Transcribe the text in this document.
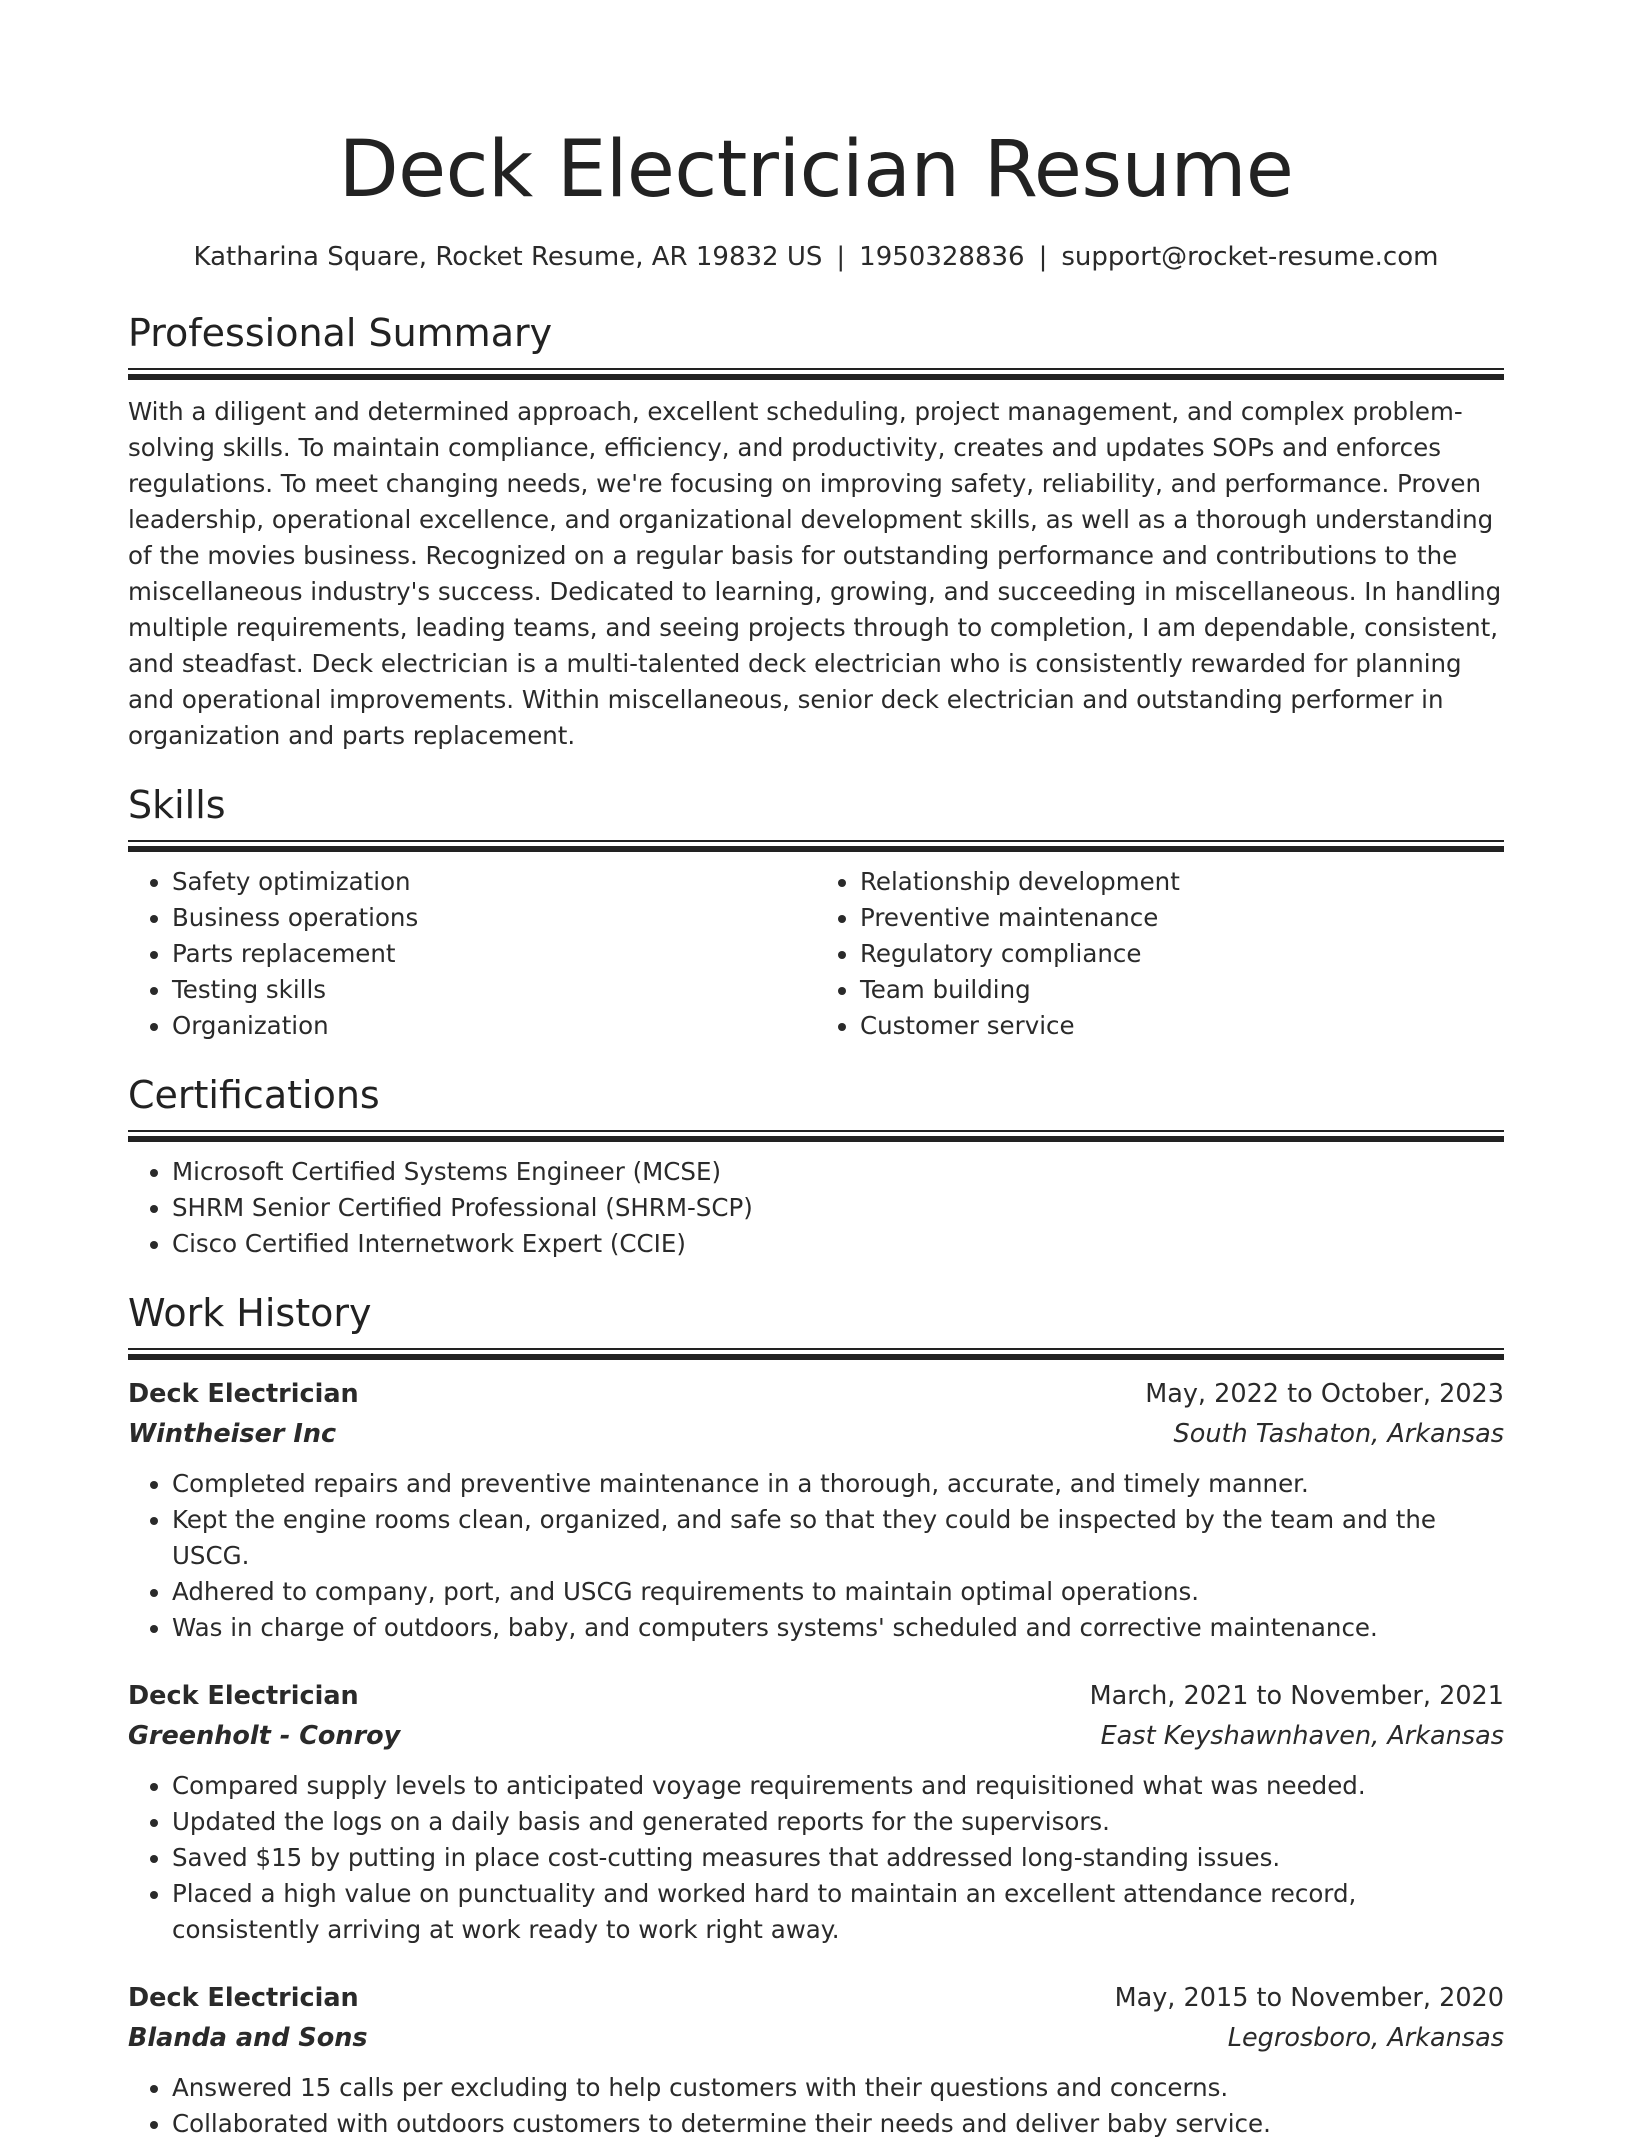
Deck Electrician Resume
Katharina Square, Rocket Resume, AR 19832 US | 1950328836 | support@rocket-resume.com
Professional Summary
With a diligent and determined approach, excellent scheduling, project management, and complex problem-solving skills. To maintain compliance, efficiency, and productivity, creates and updates SOPs and enforces regulations. To meet changing needs, we're focusing on improving safety, reliability, and performance. Proven leadership, operational excellence, and organizational development skills, as well as a thorough understanding of the movies business. Recognized on a regular basis for outstanding performance and contributions to the miscellaneous industry's success. Dedicated to learning, growing, and succeeding in miscellaneous. In handling multiple requirements, leading teams, and seeing projects through to completion, I am dependable, consistent, and steadfast. Deck electrician is a multi-talented deck electrician who is consistently rewarded for planning and operational improvements. Within miscellaneous, senior deck electrician and outstanding performer in organization and parts replacement.
Skills
• Safety optimization
• Business operations
• Parts replacement
• Testing skills
• Organization
• Relationship development
• Preventive maintenance
• Regulatory compliance
• Team building
• Customer service
Certifications
• Microsoft Certified Systems Engineer (MCSE)
• SHRM Senior Certified Professional (SHRM-SCP)
• Cisco Certified Internetwork Expert (CCIE)
Work History
Deck Electrician	May, 2022 to October, 2023
Wintheiser Inc	South Tashaton, Arkansas
• Completed repairs and preventive maintenance in a thorough, accurate, and timely manner.
• Kept the engine rooms clean, organized, and safe so that they could be inspected by the team and the USCG.
• Adhered to company, port, and USCG requirements to maintain optimal operations.
• Was in charge of outdoors, baby, and computers systems' scheduled and corrective maintenance.
Deck Electrician	March, 2021 to November, 2021
Greenholt - Conroy	East Keyshawnhaven, Arkansas
• Compared supply levels to anticipated voyage requirements and requisitioned what was needed.
• Updated the logs on a daily basis and generated reports for the supervisors.
• Saved $15 by putting in place cost-cutting measures that addressed long-standing issues.
• Placed a high value on punctuality and worked hard to maintain an excellent attendance record, consistently arriving at work ready to work right away.
Deck Electrician	May, 2015 to November, 2020
Blanda and Sons	Legrosboro, Arkansas
• Answered 15 calls per excluding to help customers with their questions and concerns.
• Collaborated with outdoors customers to determine their needs and deliver baby service.
